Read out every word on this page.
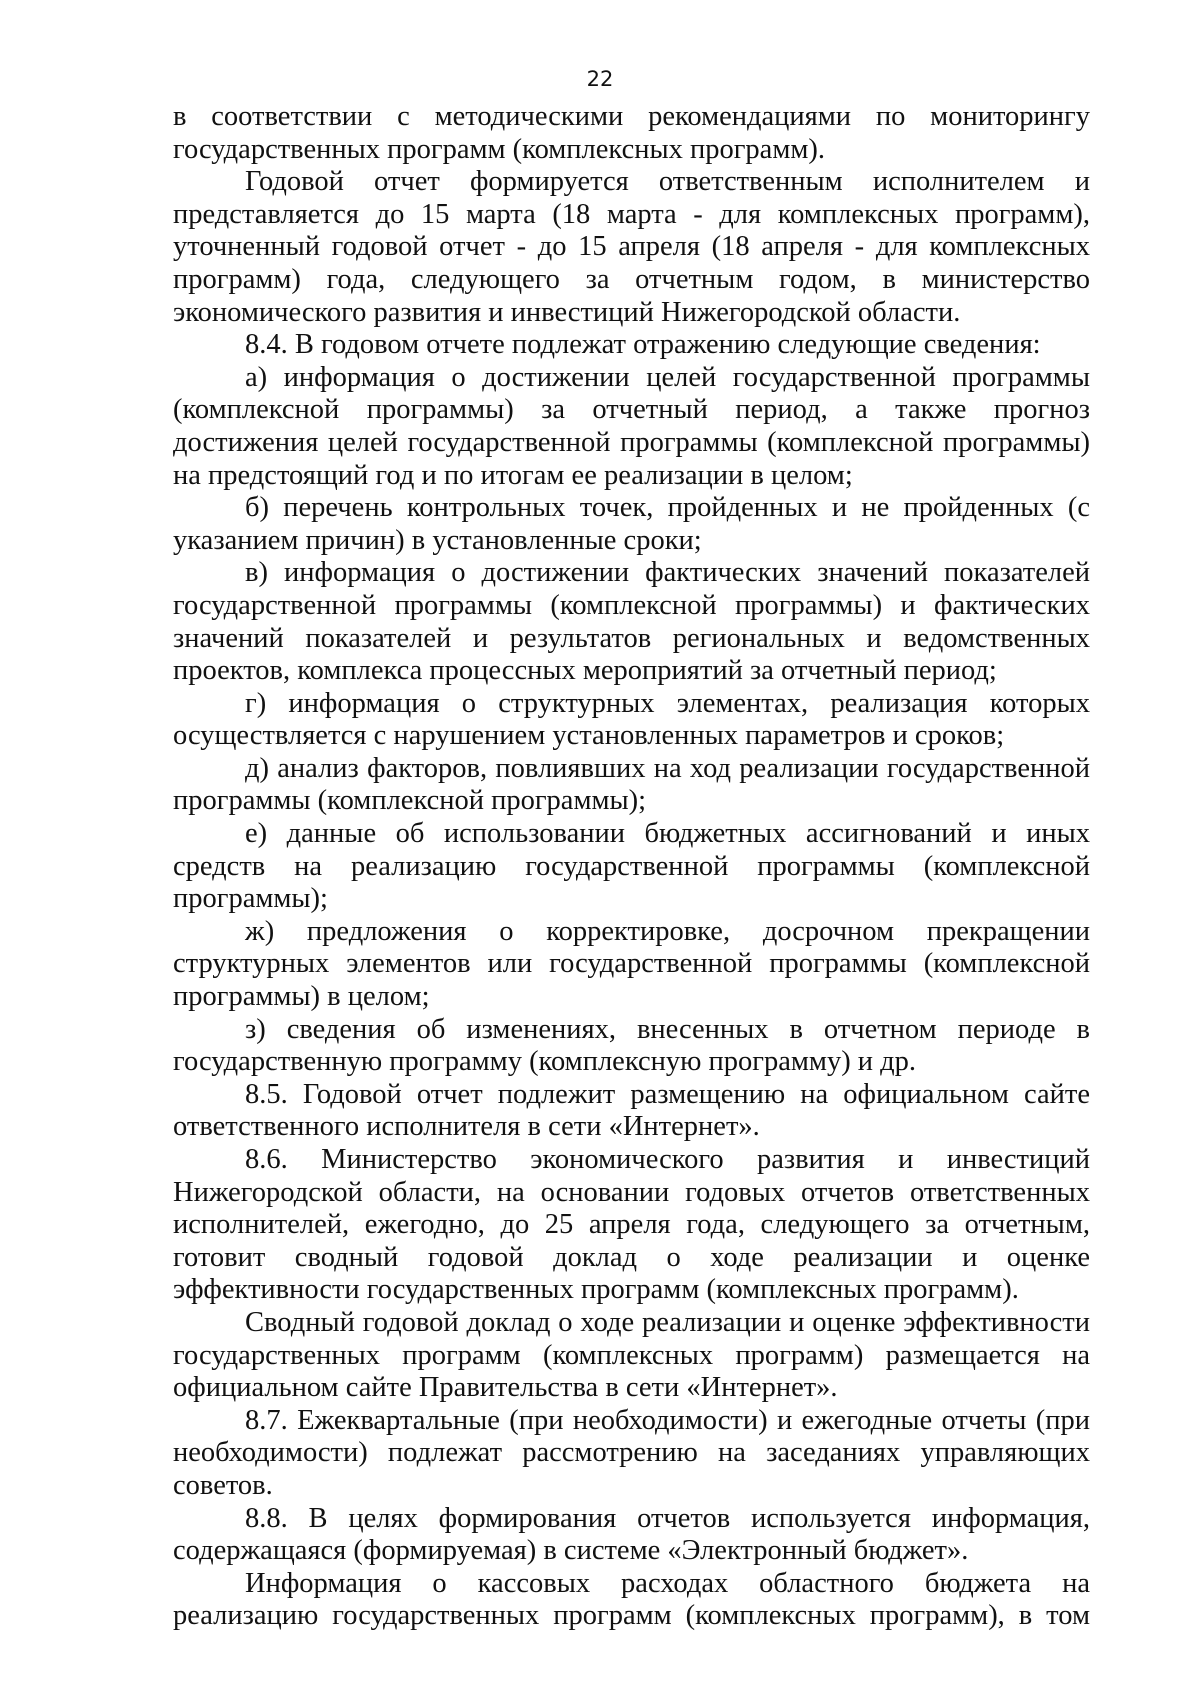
22

в соответствии с методическими рекомендациями по мониторингу государственных программ (комплексных программ).

Годовой отчет формируется ответственным исполнителем и представляется до 15 марта (18 марта - для комплексных программ), уточненный годовой отчет - до 15 апреля (18 апреля - для комплексных программ) года, следующего за отчетным годом, в министерство экономического развития и инвестиций Нижегородской области.

8.4. В годовом отчете подлежат отражению следующие сведения:

а) информация о достижении целей государственной программы (комплексной программы) за отчетный период, а также прогноз достижения целей государственной программы (комплексной программы) на предстоящий год и по итогам ее реализации в целом;

б) перечень контрольных точек, пройденных и не пройденных (с указанием причин) в установленные сроки;

в) информация о достижении фактических значений показателей государственной программы (комплексной программы) и фактических значений показателей и результатов региональных и ведомственных проектов, комплекса процессных мероприятий за отчетный период;

г) информация о структурных элементах, реализация которых осуществляется с нарушением установленных параметров и сроков;

д) анализ факторов, повлиявших на ход реализации государственной программы (комплексной программы);

е) данные об использовании бюджетных ассигнований и иных средств на реализацию государственной программы (комплексной программы);

ж) предложения о корректировке, досрочном прекращении структурных элементов или государственной программы (комплексной программы) в целом;

з) сведения об изменениях, внесенных в отчетном периоде в государственную программу (комплексную программу) и др.

8.5. Годовой отчет подлежит размещению на официальном сайте ответственного исполнителя в сети «Интернет».

8.6. Министерство экономического развития и инвестиций Нижегородской области, на основании годовых отчетов ответственных исполнителей, ежегодно, до 25 апреля года, следующего за отчетным, готовит сводный годовой доклад о ходе реализации и оценке эффективности государственных программ (комплексных программ).

Сводный годовой доклад о ходе реализации и оценке эффективности государственных программ (комплексных программ) размещается на официальном сайте Правительства в сети «Интернет».

8.7. Ежеквартальные (при необходимости) и ежегодные отчеты (при необходимости) подлежат рассмотрению на заседаниях управляющих советов.

8.8. В целях формирования отчетов используется информация, содержащаяся (формируемая) в системе «Электронный бюджет».

Информация о кассовых расходах областного бюджета на реализацию государственных программ (комплексных программ), в том
